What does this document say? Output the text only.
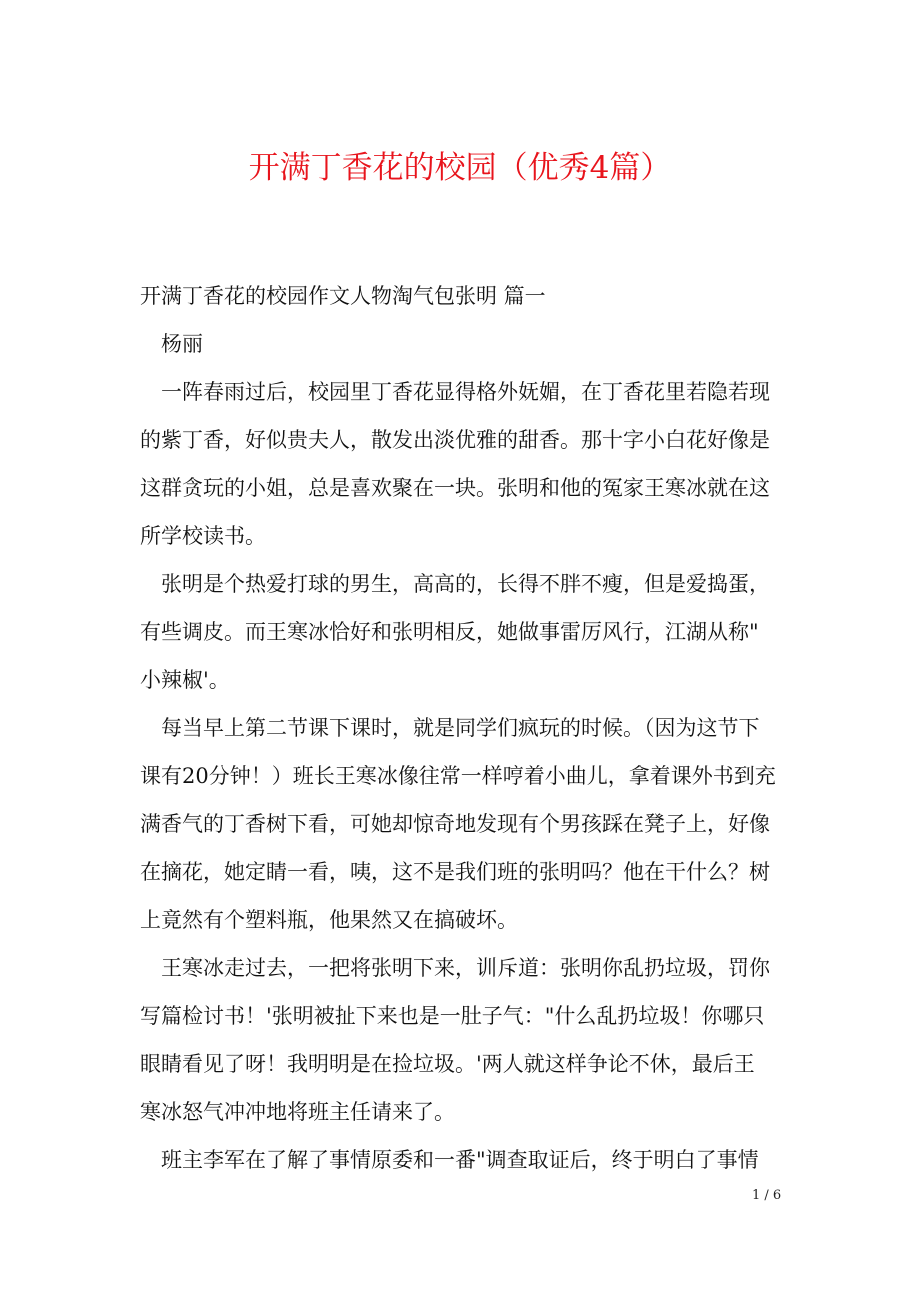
开满丁香花的校园（优秀4篇）
开满丁香花的校园作文人物淘气包张明 篇一
杨丽
一阵春雨过后，校园里丁香花显得格外妩媚，在丁香花里若隐若现
的紫丁香，好似贵夫人，散发出淡优雅的甜香。那十字小白花好像是
这群贪玩的小姐，总是喜欢聚在一块。张明和他的冤家王寒冰就在这
所学校读书。
张明是个热爱打球的男生，高高的，长得不胖不瘦，但是爱捣蛋，
有些调皮。而王寒冰恰好和张明相反，她做事雷厉风行，江湖从称"
小辣椒'。
每当早上第二节课下课时，就是同学们疯玩的时候。（因为这节下
课有20分钟！）班长王寒冰像往常一样哼着小曲儿，拿着课外书到充
满香气的丁香树下看，可她却惊奇地发现有个男孩踩在凳子上，好像
在摘花，她定睛一看，咦，这不是我们班的张明吗？他在干什么？树
上竟然有个塑料瓶，他果然又在搞破坏。
王寒冰走过去，一把将张明下来，训斥道：张明你乱扔垃圾，罚你
写篇检讨书！'张明被扯下来也是一肚子气："什么乱扔垃圾！你哪只
眼睛看见了呀！我明明是在捡垃圾。'两人就这样争论不休，最后王
寒冰怒气冲冲地将班主任请来了。
班主李军在了解了事情原委和一番"调查取证后，终于明白了事情
1 / 6
